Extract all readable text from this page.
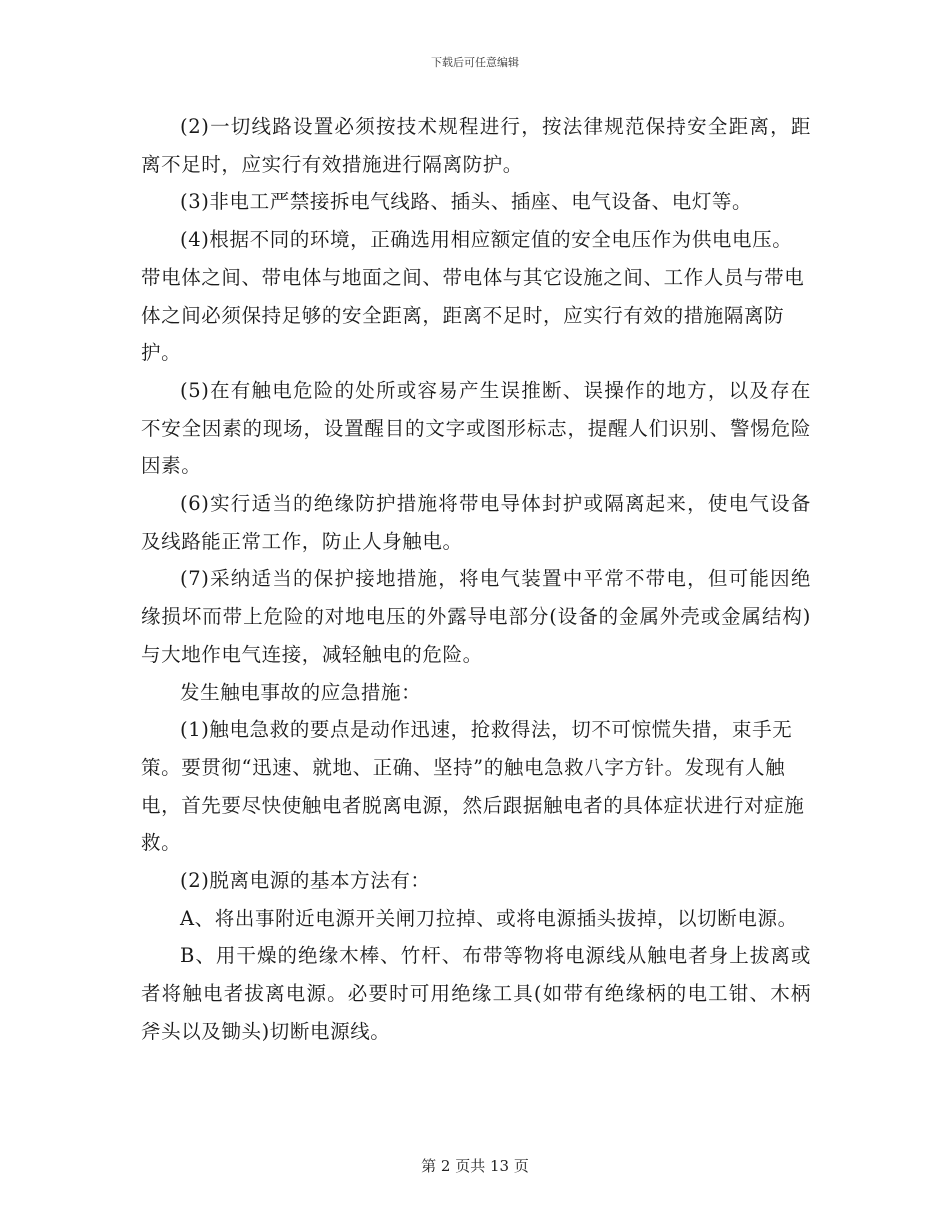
下载后可任意编辑

(2)一切线路设置必须按技术规程进行，按法律规范保持安全距离，距离不足时，应实行有效措施进行隔离防护。

(3)非电工严禁接拆电气线路、插头、插座、电气设备、电灯等。

(4)根据不同的环境，正确选用相应额定值的安全电压作为供电电压。带电体之间、带电体与地面之间、带电体与其它设施之间、工作人员与带电体之间必须保持足够的安全距离，距离不足时，应实行有效的措施隔离防护。

(5)在有触电危险的处所或容易产生误推断、误操作的地方，以及存在不安全因素的现场，设置醒目的文字或图形标志，提醒人们识别、警惕危险因素。

(6)实行适当的绝缘防护措施将带电导体封护或隔离起来，使电气设备及线路能正常工作，防止人身触电。

(7)采纳适当的保护接地措施，将电气装置中平常不带电，但可能因绝缘损坏而带上危险的对地电压的外露导电部分(设备的金属外壳或金属结构)与大地作电气连接，减轻触电的危险。

发生触电事故的应急措施：

(1)触电急救的要点是动作迅速，抢救得法，切不可惊慌失措，束手无策。要贯彻“迅速、就地、正确、坚持”的触电急救八字方针。发现有人触电，首先要尽快使触电者脱离电源，然后跟据触电者的具体症状进行对症施救。

(2)脱离电源的基本方法有：

A、将出事附近电源开关闸刀拉掉、或将电源插头拔掉，以切断电源。

B、用干燥的绝缘木棒、竹杆、布带等物将电源线从触电者身上拔离或者将触电者拔离电源。必要时可用绝缘工具(如带有绝缘柄的电工钳、木柄斧头以及锄头)切断电源线。

第 2 页共 13 页
